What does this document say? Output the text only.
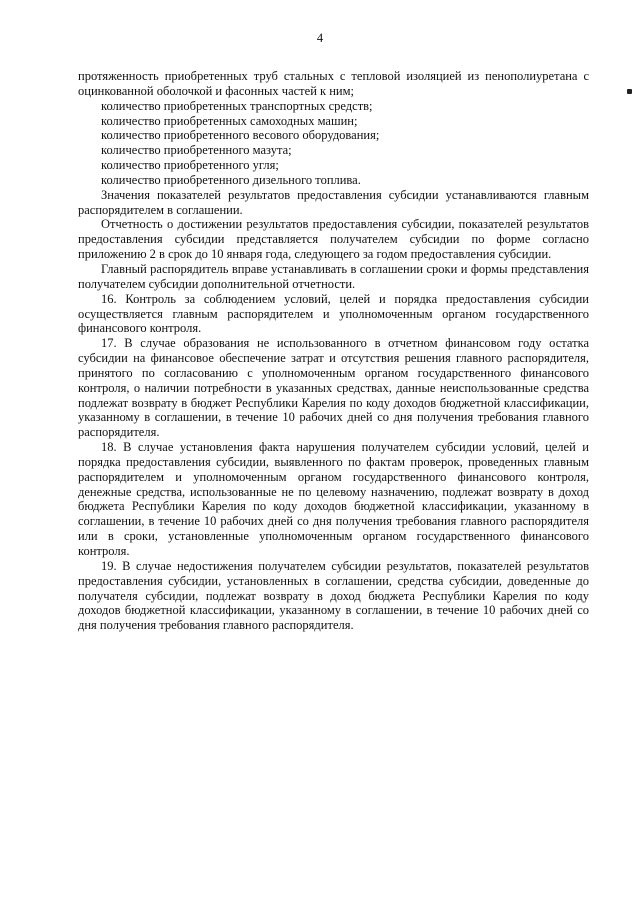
4

протяженность приобретенных труб стальных с тепловой изоляцией из пенополиуретана с оцинкованной оболочкой и фасонных частей к ним;

количество приобретенных транспортных средств;

количество приобретенных самоходных машин;

количество приобретенного весового оборудования;

количество приобретенного мазута;

количество приобретенного угля;

количество приобретенного дизельного топлива.

Значения показателей результатов предоставления субсидии устанавливаются главным распорядителем в соглашении.

Отчетность о достижении результатов предоставления субсидии, показателей результатов предоставления субсидии представляется получателем субсидии по форме согласно приложению 2 в срок до 10 января года, следующего за годом предоставления субсидии.

Главный распорядитель вправе устанавливать в соглашении сроки и формы представления получателем субсидии дополнительной отчетности.

16. Контроль за соблюдением условий, целей и порядка предоставления субсидии осуществляется главным распорядителем и уполномоченным органом государственного финансового контроля.

17. В случае образования не использованного в отчетном финансовом году остатка субсидии на финансовое обеспечение затрат и отсутствия решения главного распорядителя, принятого по согласованию с уполномоченным органом государственного финансового контроля, о наличии потребности в указанных средствах, данные неиспользованные средства подлежат возврату в бюджет Республики Карелия по коду доходов бюджетной классификации, указанному в соглашении, в течение 10 рабочих дней со дня получения требования главного распорядителя.

18. В случае установления факта нарушения получателем субсидии условий, целей и порядка предоставления субсидии, выявленного по фактам проверок, проведенных главным распорядителем и уполномоченным органом государственного финансового контроля, денежные средства, использованные не по целевому назначению, подлежат возврату в доход бюджета Республики Карелия по коду доходов бюджетной классификации, указанному в соглашении, в течение 10 рабочих дней со дня получения требования главного распорядителя или в сроки, установленные уполномоченным органом государственного финансового контроля.

19. В случае недостижения получателем субсидии результатов, показателей результатов предоставления субсидии, установленных в соглашении, средства субсидии, доведенные до получателя субсидии, подлежат возврату в доход бюджета Республики Карелия по коду доходов бюджетной классификации, указанному в соглашении, в течение 10 рабочих дней со дня получения требования главного распорядителя.
